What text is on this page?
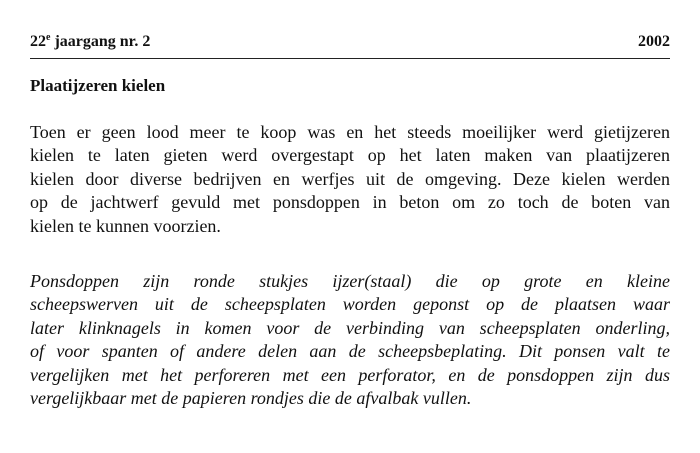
22e jaargang nr. 2	2002
Plaatijzeren kielen
Toen er geen lood meer te koop was en het steeds moeilijker werd gietijzeren
kielen te laten gieten werd overgestapt op het laten maken van plaatijzeren
kielen door diverse bedrijven en werfjes uit de omgeving. Deze kielen werden
op de jachtwerf gevuld met ponsdoppen in beton om zo toch de boten van
kielen te kunnen voorzien.
Ponsdoppen zijn ronde stukjes ijzer(staal) die op grote en kleine
scheepswerven uit de scheepsplaten worden geponst op de plaatsen waar
later klinknagels in komen voor de verbinding van scheepsplaten onderling,
of voor spanten of andere delen aan de scheepsbeplating. Dit ponsen valt te
vergelijken met het perforeren met een perforator, en de ponsdoppen zijn dus
vergelijkbaar met de papieren rondjes die de afvalbak vullen.
